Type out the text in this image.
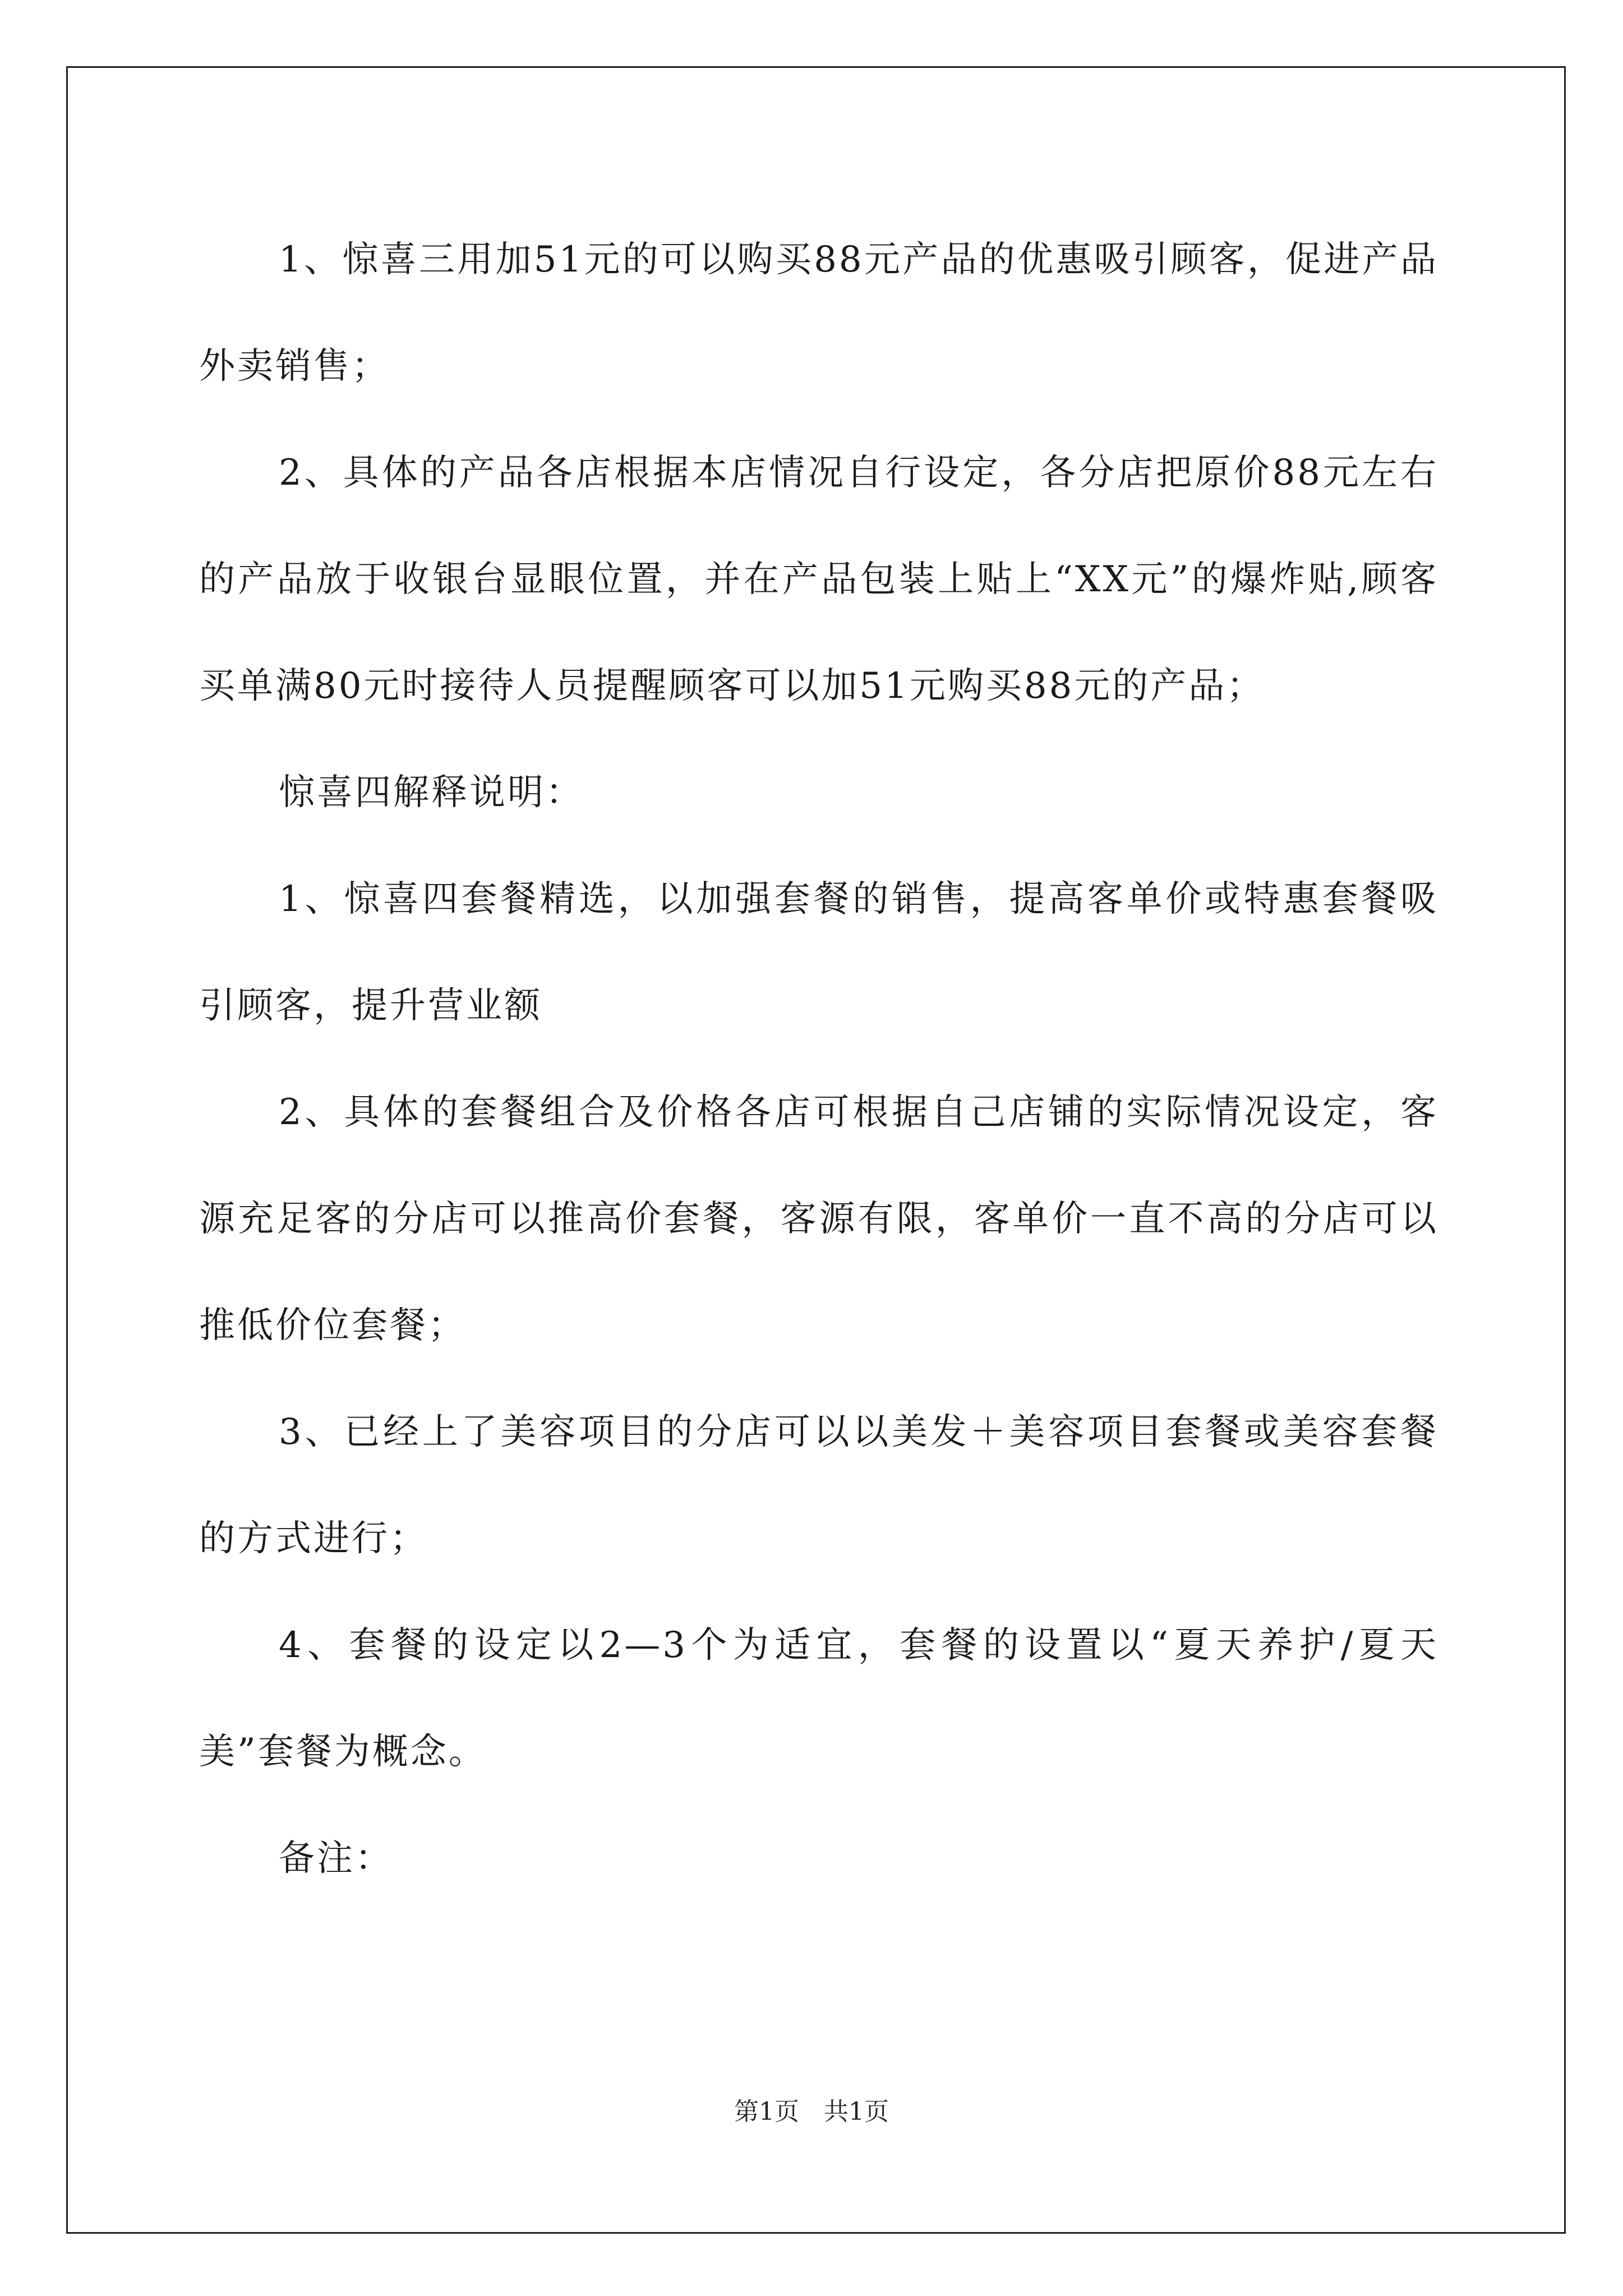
1、惊喜三用加51元的可以购买88元产品的优惠吸引顾客，促进产品外卖销售；

2、具体的产品各店根据本店情况自行设定，各分店把原价88元左右的产品放于收银台显眼位置，并在产品包装上贴上“XX元”的爆炸贴,顾客买单满80元时接待人员提醒顾客可以加51元购买88元的产品；

惊喜四解释说明：

1、惊喜四套餐精选，以加强套餐的销售，提高客单价或特惠套餐吸引顾客，提升营业额

2、具体的套餐组合及价格各店可根据自己店铺的实际情况设定，客源充足客的分店可以推高价套餐，客源有限，客单价一直不高的分店可以推低价位套餐；

3、已经上了美容项目的分店可以以美发＋美容项目套餐或美容套餐的方式进行；

4、套餐的设定以2—3个为适宜，套餐的设置以“夏天养护/夏天美”套餐为概念。

备注：

第1页　共1页
